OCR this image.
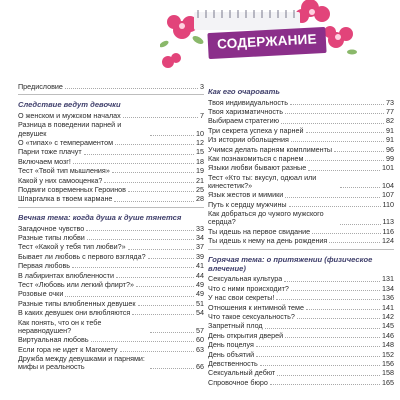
СОДЕРЖАНИЕ
Предисловие	3
Следствие ведут девочки
О женском и мужском началах	7
Разница в поведении парней и девушек	10
О «типах» с темпераментом	12
Парни тоже плачут	15
Включаем мозг!	18
Тест «Твой тип мышления»	19
Какой у них самооценка?	21
Подвиги современных Героинов	25
Шпаргалка в твоем кармане	28
Вечная тема: когда душа к душе тянется
Загадочное чувство	33
Разные типы любви	34
Тест «Какой у тебя тип любви?»	37
Бывает ли любовь с первого взгляда?	39
Первая любовь	41
В лабиринтах влюбленности	44
Тест «Любовь или легкий флирт?»	49
Розовые очки	49
Разные типы влюбленных девушек	51
В каких девушек они влюбляются	54
Как понять, что он к тебе неравнодушен?	57
Виртуальная любовь	60
Если гора не идет к Магомету	63
Дружба между девушками и парнями: мифы и реальность	66
Как его очаровать
Твоя индивидуальность	73
Твоя харизматичность	77
Выбираем стратегию	82
Три секрета успеха у парней	91
Из истории обольщения	91
Учимся делать парням комплименты	96
Как познакомиться с парнем	99
Языки любви бывают разные	101
Тест «Кто ты: вкусул, одюал или кинестетик?»	104
Язык жестов и мимики	107
Путь к сердцу мужчины	110
Как добраться до чужого мужского сердца?	113
Ты идешь на первое свидание	116
Ты идешь к нему на день рождения	124
Горячая тема: о притяжении (физическое влечение)
Сексуальная культура	131
Что с ними происходит?	134
У нас свои секреты!	136
Отношения к интимной теме	141
Что такое сексуальность?	142
Запретный плод	145
День открытия дверей	146
День поцелуя	148
День объятий	152
Девственность	156
Сексуальный дебют	158
Спровочное бюро	165
